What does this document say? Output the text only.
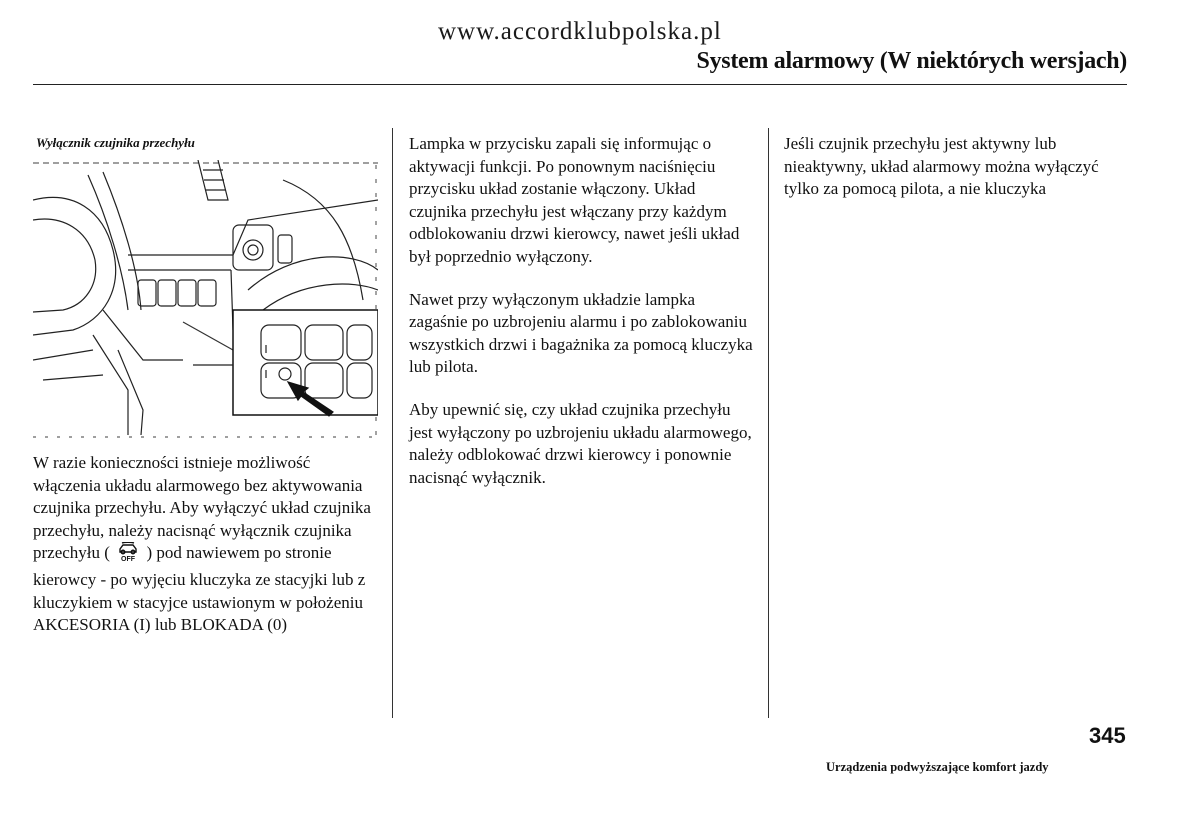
www.accordklubpolska.pl
System alarmowy (W niektórych wersjach)
Wyłącznik czujnika przechyłu

W razie konieczności istnieje możliwość włączenia układu alarmowego bez aktywowania czujnika przechyłu. Aby wyłączyć układ czujnika przechyłu, należy nacisnąć wyłącznik czujnika przechyłu ( OFF ) pod nawiewem po stronie kierowcy - po wyjęciu kluczyka ze stacyjki lub z kluczykiem w stacyjce ustawionym w położeniu AKCESORIA (I) lub BLOKADA (0)

Lampka w przycisku zapali się informując o aktywacji funkcji. Po ponownym naciśnięciu przycisku układ zostanie włączony. Układ czujnika przechyłu jest włączany przy każdym odblokowaniu drzwi kierowcy, nawet jeśli układ był poprzednio wyłączony.

Nawet przy wyłączonym układzie lampka zagaśnie po uzbrojeniu alarmu i po zablokowaniu wszystkich drzwi i bagażnika za pomocą kluczyka lub pilota.

Aby upewnić się, czy układ czujnika przechyłu jest wyłączony po uzbrojeniu układu alarmowego, należy odblokować drzwi kierowcy i ponownie nacisnąć wyłącznik.

Jeśli czujnik przechyłu jest aktywny lub nieaktywny, układ alarmowy można wyłączyć tylko za pomocą pilota, a nie kluczyka

Urządzenia podwyższające komfort jazdy
345
